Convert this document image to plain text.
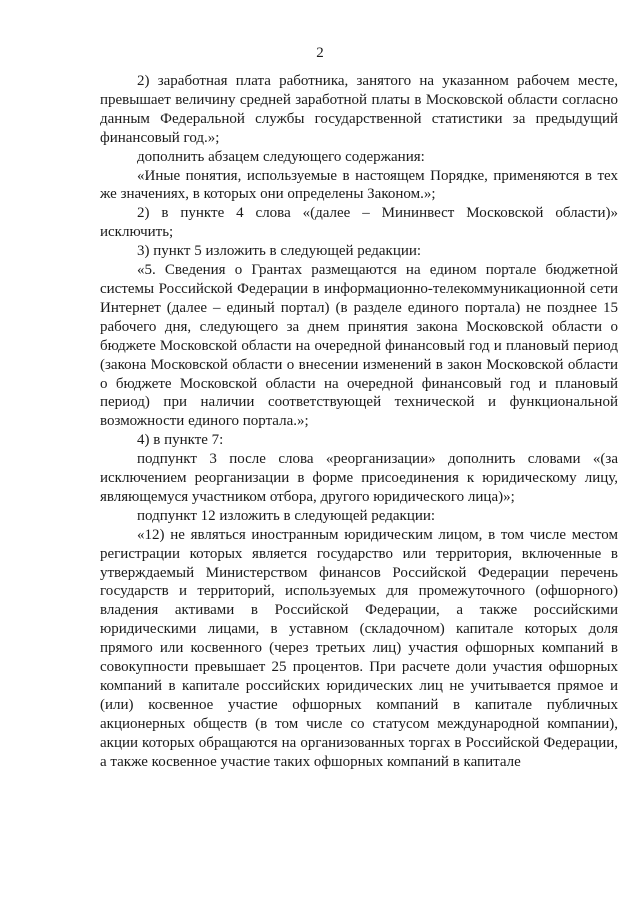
2

2) заработная плата работника, занятого на указанном рабочем месте, превышает величину средней заработной платы в Московской области согласно данным Федеральной службы государственной статистики за предыдущий финансовый год.»;

дополнить абзацем следующего содержания:

«Иные понятия, используемые в настоящем Порядке, применяются в тех же значениях, в которых они определены Законом.»;

2) в пункте 4 слова «(далее – Мининвест Московской области)» исключить;

3) пункт 5 изложить в следующей редакции:

«5. Сведения о Грантах размещаются на едином портале бюджетной системы Российской Федерации в информационно-телекоммуникационной сети Интернет (далее – единый портал) (в разделе единого портала) не позднее 15 рабочего дня, следующего за днем принятия закона Московской области о бюджете Московской области на очередной финансовый год и плановый период (закона Московской области о внесении изменений в закон Московской области о бюджете Московской области на очередной финансовый год и плановый период) при наличии соответствующей технической и функциональной возможности единого портала.»;

4) в пункте 7:

подпункт 3 после слова «реорганизации» дополнить словами «(за исключением реорганизации в форме присоединения к юридическому лицу, являющемуся участником отбора, другого юридического лица)»;

подпункт 12 изложить в следующей редакции:

«12) не являться иностранным юридическим лицом, в том числе местом регистрации которых является государство или территория, включенные в утверждаемый Министерством финансов Российской Федерации перечень государств и территорий, используемых для промежуточного (офшорного) владения активами в Российской Федерации, а также российскими юридическими лицами, в уставном (складочном) капитале которых доля прямого или косвенного (через третьих лиц) участия офшорных компаний в совокупности превышает 25 процентов. При расчете доли участия офшорных компаний в капитале российских юридических лиц не учитывается прямое и (или) косвенное участие офшорных компаний в капитале публичных акционерных обществ (в том числе со статусом международной компании), акции которых обращаются на организованных торгах в Российской Федерации, а также косвенное участие таких офшорных компаний в капитале
